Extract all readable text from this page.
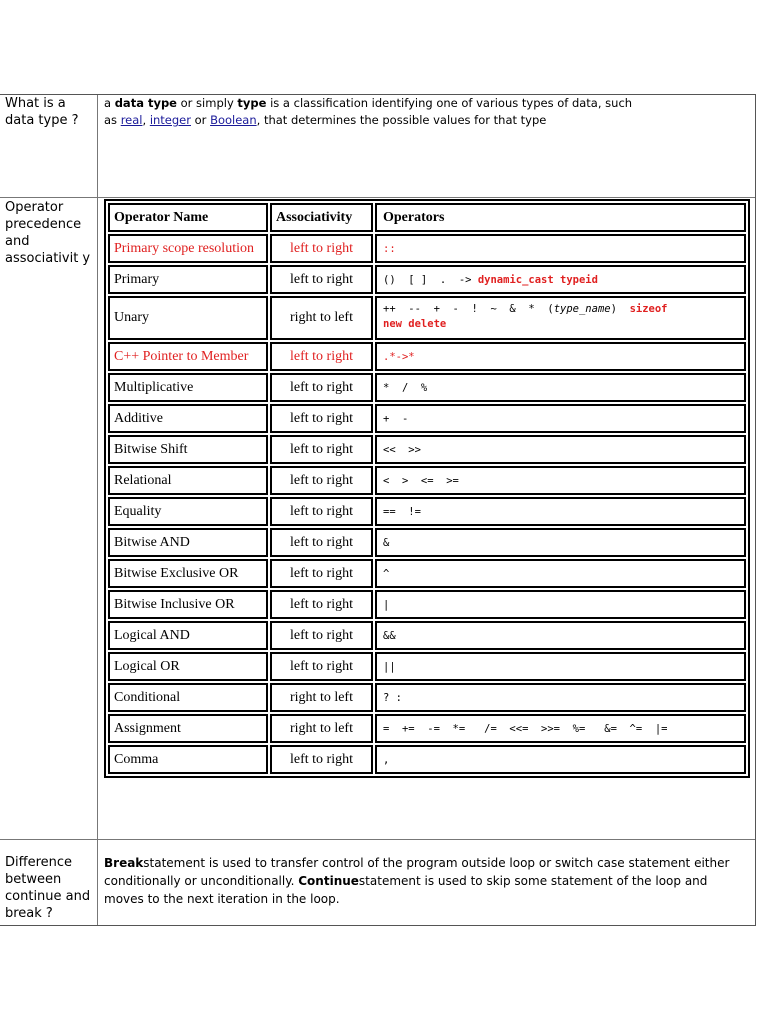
What is a data type ?
a data type or simply type is a classification identifying one of various types of data, such
as real, integer or Boolean, that determines the possible values for that type
Operator precedence and associativit y
Operator Name	Associativity	Operators
Primary scope resolution	left to right	::
Primary	left to right	()  [ ]  .  -> dynamic_cast typeid
Unary	right to left	++  --  +  -  !  ~  &  *  (type_name)  sizeof
new delete
C++ Pointer to Member	left to right	.*->*
Multiplicative	left to right	*  /  %
Additive	left to right	+  -
Bitwise Shift	left to right	<<  >>
Relational	left to right	<  >  <=  >=
Equality	left to right	==  !=
Bitwise AND	left to right	&
Bitwise Exclusive OR	left to right	^
Bitwise Inclusive OR	left to right	|
Logical AND	left to right	&&
Logical OR	left to right	||
Conditional	right to left	? :
Assignment	right to left	=  +=  -=  *=   /=  <<=  >>=  %=   &=  ^=  |=
Comma	left to right	,
Difference between continue and break ?
Breakstatement is used to transfer control of the program outside loop or switch case statement either conditionally or unconditionally. Continuestatement is used to skip some statement of the loop and moves to the next iteration in the loop.
